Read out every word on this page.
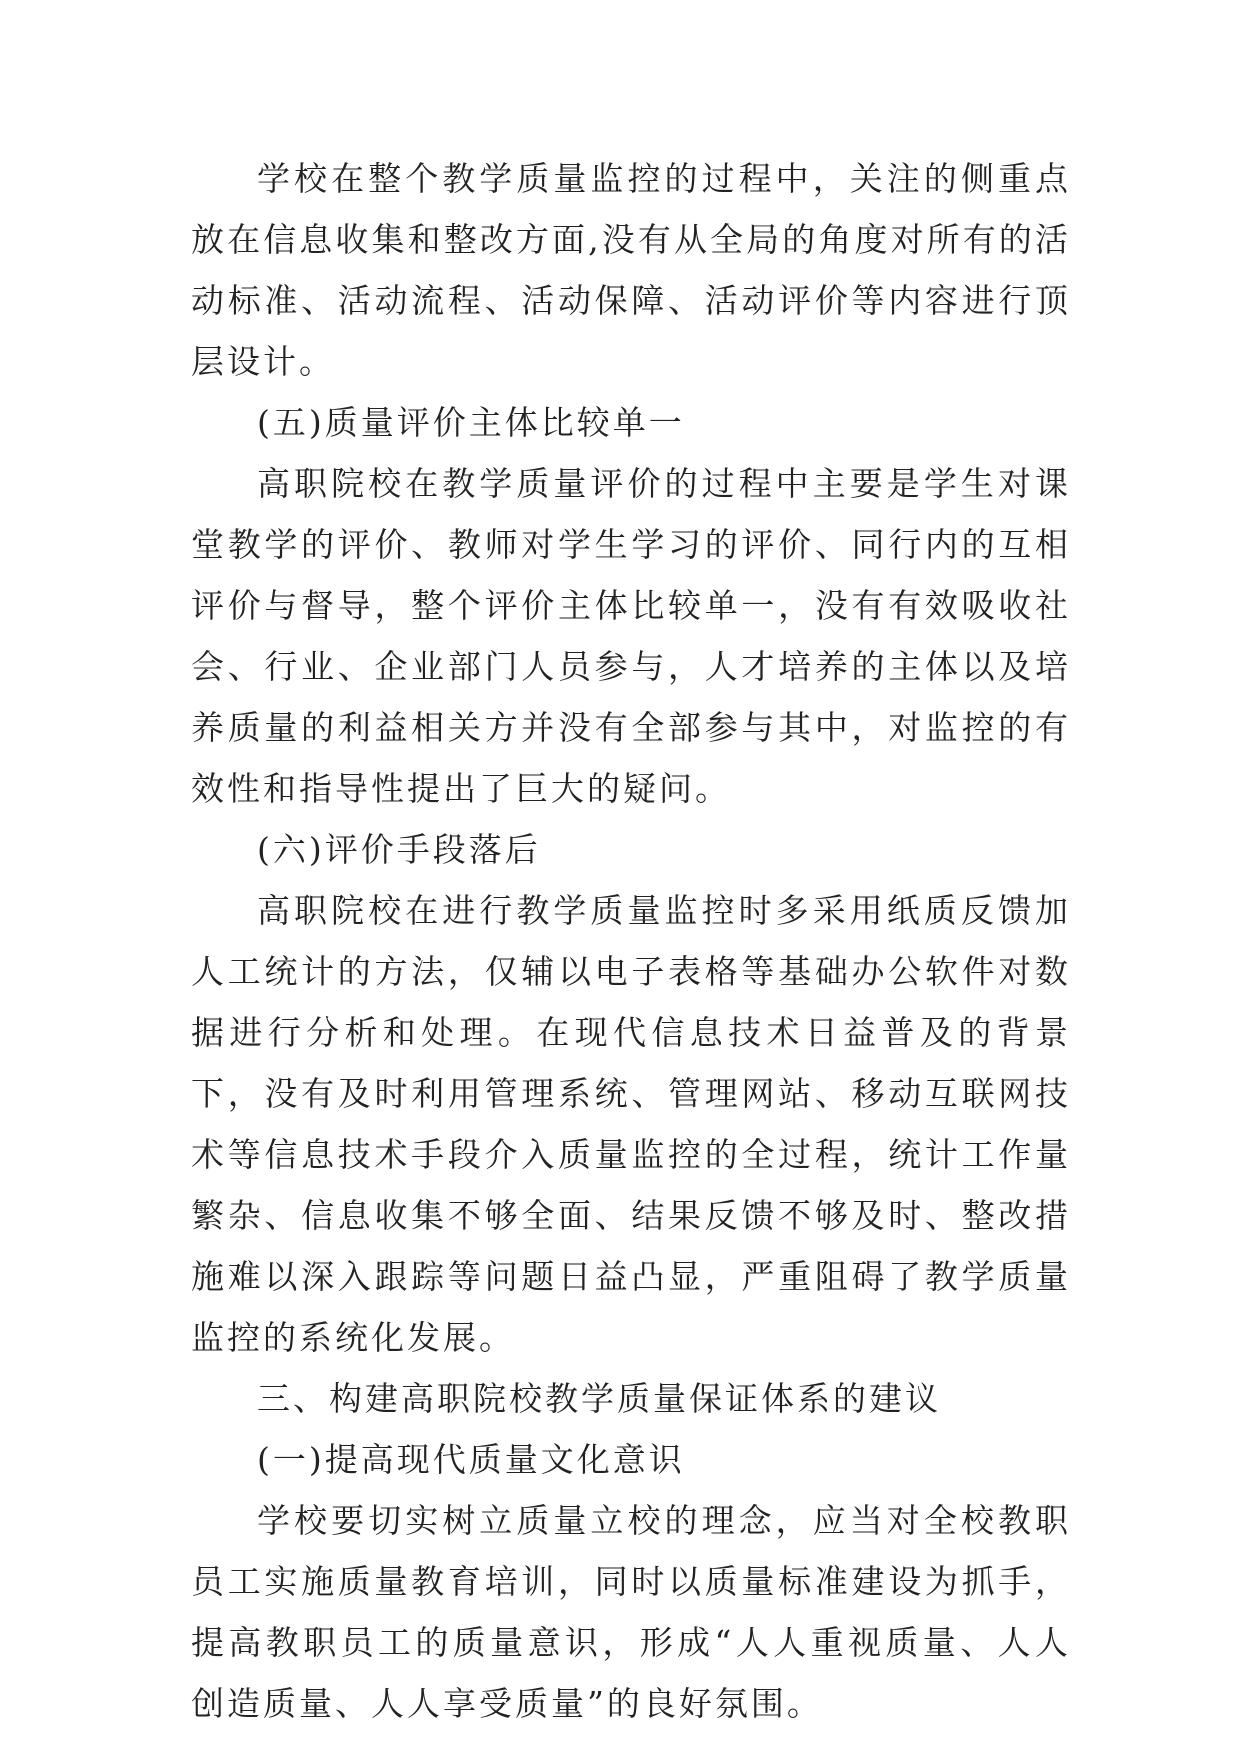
学校在整个教学质量监控的过程中，关注的侧重点放在信息收集和整改方面,没有从全局的角度对所有的活动标准、活动流程、活动保障、活动评价等内容进行顶层设计。

(五)质量评价主体比较单一

高职院校在教学质量评价的过程中主要是学生对课堂教学的评价、教师对学生学习的评价、同行内的互相评价与督导，整个评价主体比较单一，没有有效吸收社会、行业、企业部门人员参与，人才培养的主体以及培养质量的利益相关方并没有全部参与其中，对监控的有效性和指导性提出了巨大的疑问。

(六)评价手段落后

高职院校在进行教学质量监控时多采用纸质反馈加人工统计的方法，仅辅以电子表格等基础办公软件对数据进行分析和处理。在现代信息技术日益普及的背景下，没有及时利用管理系统、管理网站、移动互联网技术等信息技术手段介入质量监控的全过程，统计工作量繁杂、信息收集不够全面、结果反馈不够及时、整改措施难以深入跟踪等问题日益凸显，严重阻碍了教学质量监控的系统化发展。

三、构建高职院校教学质量保证体系的建议

(一)提高现代质量文化意识

学校要切实树立质量立校的理念，应当对全校教职员工实施质量教育培训，同时以质量标准建设为抓手，提高教职员工的质量意识，形成“人人重视质量、人人创造质量、人人享受质量”的良好氛围。
